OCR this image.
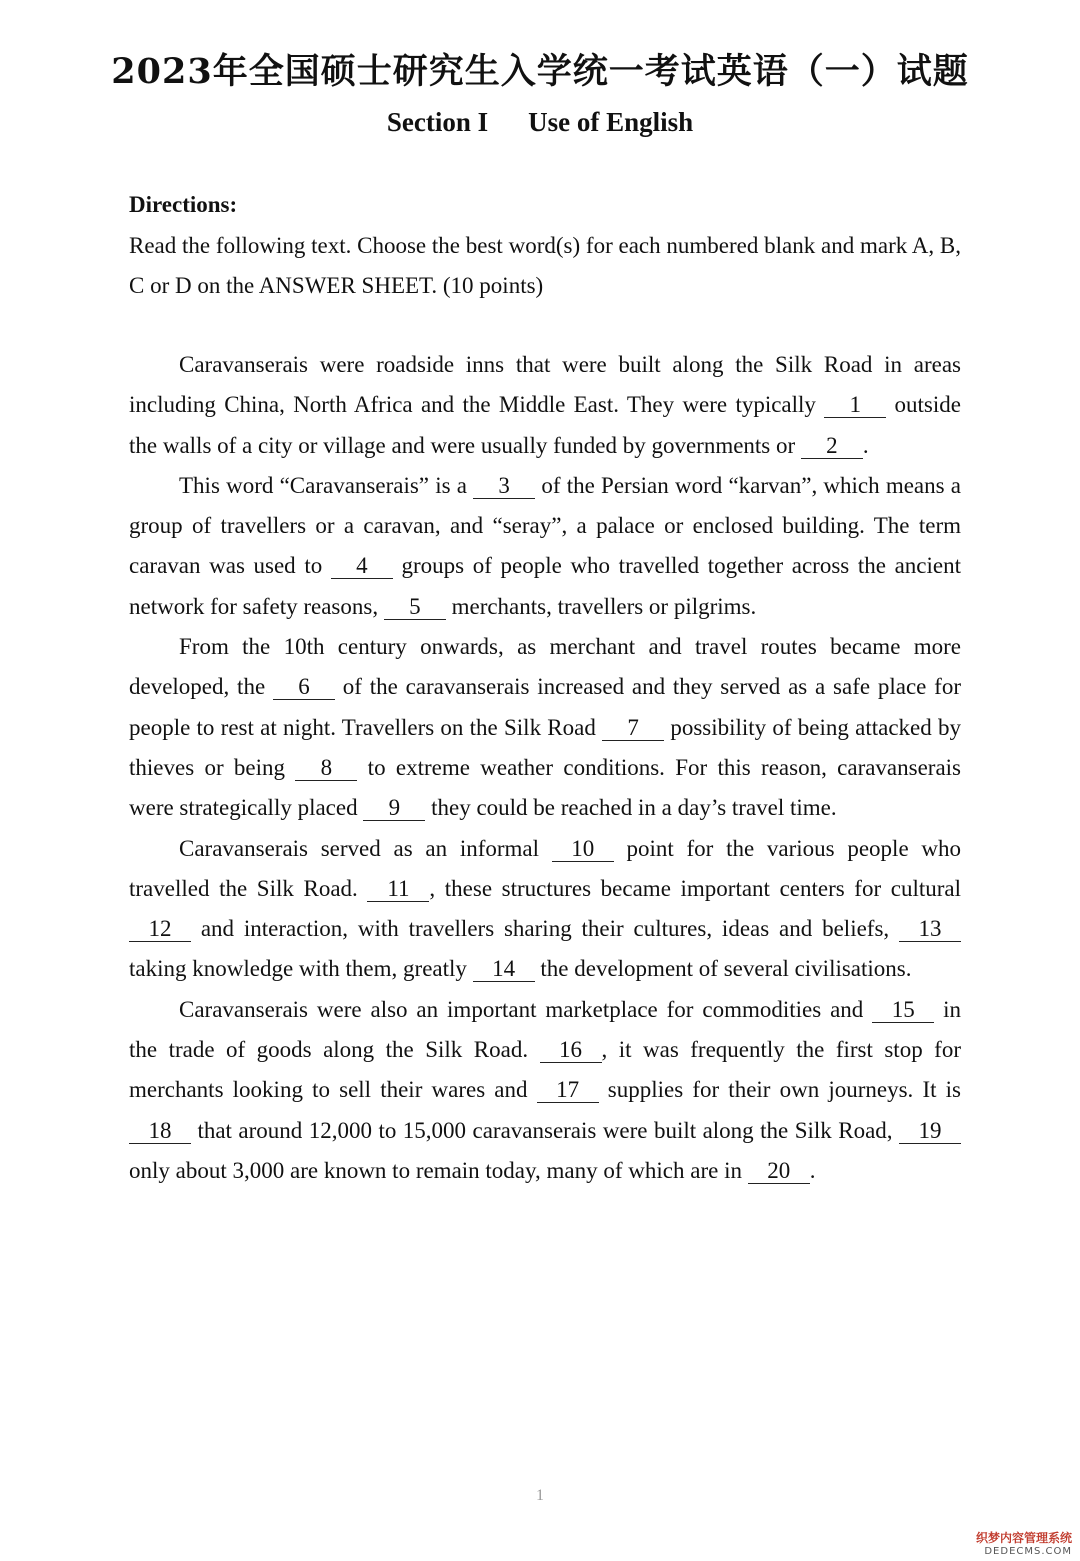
2023年全国硕士研究生入学统一考试英语（一）试题
Section I Use of English
Directions:
Read the following text. Choose the best word(s) for each numbered blank and mark A, B, C or D on the ANSWER SHEET. (10 points)

Caravanserais were roadside inns that were built along the Silk Road in areas including China, North Africa and the Middle East. They were typically 1 outside the walls of a city or village and were usually funded by governments or 2 .

This word “Caravanserais” is a 3 of the Persian word “karvan”, which means a group of travellers or a caravan, and “seray”, a palace or enclosed building. The term caravan was used to 4 groups of people who travelled together across the ancient network for safety reasons, 5 merchants, travellers or pilgrims.

From the 10th century onwards, as merchant and travel routes became more developed, the 6 of the caravanserais increased and they served as a safe place for people to rest at night. Travellers on the Silk Road 7 possibility of being attacked by thieves or being 8 to extreme weather conditions. For this reason, caravanserais were strategically placed 9 they could be reached in a day’s travel time.

Caravanserais served as an informal 10 point for the various people who travelled the Silk Road. 11 , these structures became important centers for cultural 12 and interaction, with travellers sharing their cultures, ideas and beliefs, 13 taking knowledge with them, greatly 14 the development of several civilisations.

Caravanserais were also an important marketplace for commodities and 15 in the trade of goods along the Silk Road. 16 , it was frequently the first stop for merchants looking to sell their wares and 17 supplies for their own journeys. It is 18 that around 12,000 to 15,000 caravanserais were built along the Silk Road, 19 only about 3,000 are known to remain today, many of which are in 20 .

1
织梦内容管理系统
DEDECMS.COM
